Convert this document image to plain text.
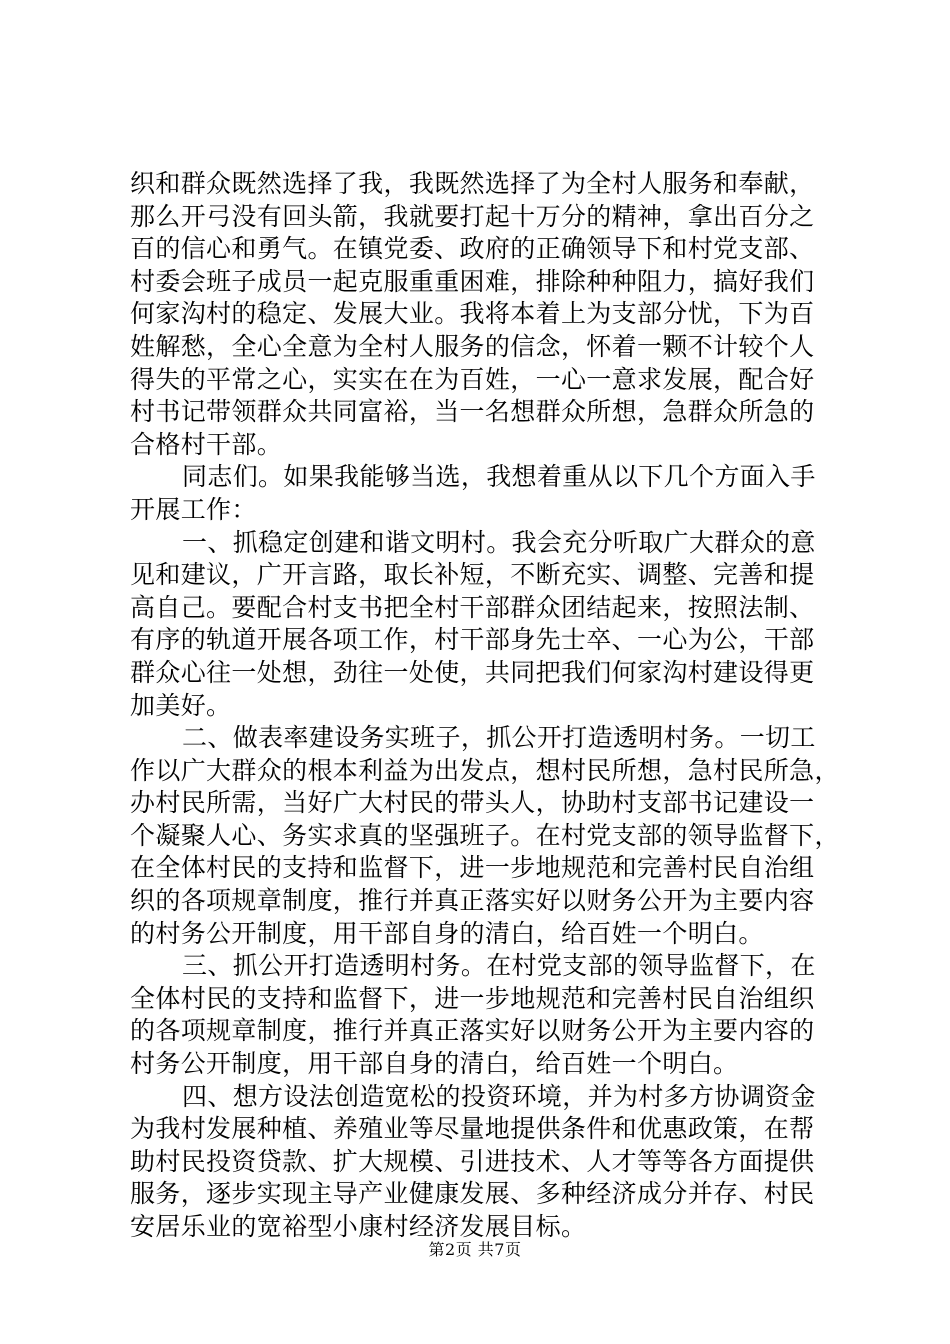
织和群众既然选择了我，我既然选择了为全村人服务和奉献，
那么开弓没有回头箭，我就要打起十万分的精神，拿出百分之
百的信心和勇气。在镇党委、政府的正确领导下和村党支部、
村委会班子成员一起克服重重困难，排除种种阻力，搞好我们
何家沟村的稳定、发展大业。我将本着上为支部分忧，下为百
姓解愁，全心全意为全村人服务的信念，怀着一颗不计较个人
得失的平常之心，实实在在为百姓，一心一意求发展，配合好
村书记带领群众共同富裕，当一名想群众所想，急群众所急的
合格村干部。
同志们。如果我能够当选，我想着重从以下几个方面入手
开展工作：
一、抓稳定创建和谐文明村。我会充分听取广大群众的意
见和建议，广开言路，取长补短，不断充实、调整、完善和提
高自己。要配合村支书把全村干部群众团结起来，按照法制、
有序的轨道开展各项工作，村干部身先士卒、一心为公，干部
群众心往一处想，劲往一处使，共同把我们何家沟村建设得更
加美好。
二、做表率建设务实班子，抓公开打造透明村务。一切工
作以广大群众的根本利益为出发点，想村民所想，急村民所急，
办村民所需，当好广大村民的带头人，协助村支部书记建设一
个凝聚人心、务实求真的坚强班子。在村党支部的领导监督下，
在全体村民的支持和监督下，进一步地规范和完善村民自治组
织的各项规章制度，推行并真正落实好以财务公开为主要内容
的村务公开制度，用干部自身的清白，给百姓一个明白。
三、抓公开打造透明村务。在村党支部的领导监督下，在
全体村民的支持和监督下，进一步地规范和完善村民自治组织
的各项规章制度，推行并真正落实好以财务公开为主要内容的
村务公开制度，用干部自身的清白，给百姓一个明白。
四、想方设法创造宽松的投资环境，并为村多方协调资金
为我村发展种植、养殖业等尽量地提供条件和优惠政策，在帮
助村民投资贷款、扩大规模、引进技术、人才等等各方面提供
服务，逐步实现主导产业健康发展、多种经济成分并存、村民
安居乐业的宽裕型小康村经济发展目标。
第2页 共7页
